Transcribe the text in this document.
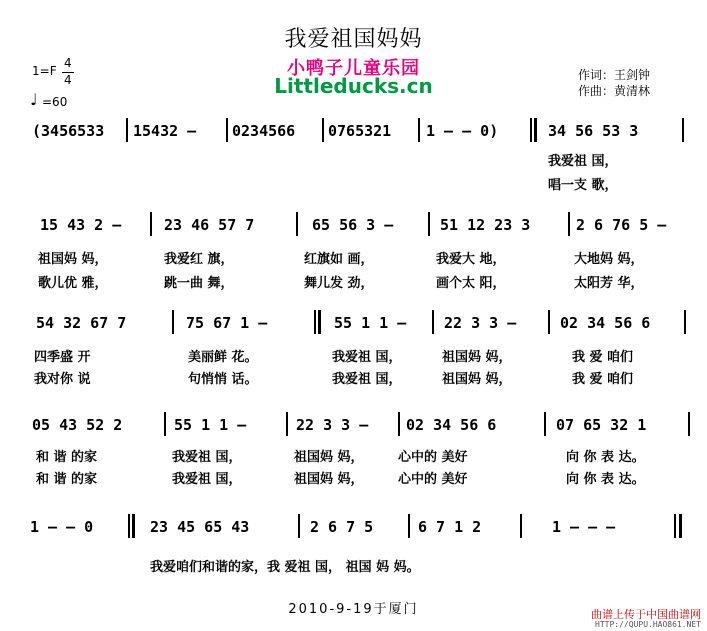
我爱祖国妈妈
小鸭子儿童乐园
Littleducks.cn
1=F
4
4
♩ =60
作词：王剑钟
作曲：黄清林
(3456533 15432 – 0234566 0765321 1 – – 0)	34 56 53 3
我爱祖 国，
唱一支 歌，
15 43 2 –	23 46 57 7	65 56 3 –	51 12 23 3	2 6 76 5 –
祖国妈 妈，	我爱红 旗，	红旗如 画，	我爱大 地，	大地妈 妈，
歌儿优 雅，	跳一曲 舞，	舞儿发 劲，	画个太 阳，	太阳芳 华，
54 32 67 7	75 67 1 –	55 1 1 –	22 3 3 –	02 34 56 6
四季盛 开	美丽鲜 花。	我爱祖 国，	祖国妈 妈，	我 爱 咱们
我对你 说	句悄悄 话。	我爱祖 国，	祖国妈 妈，	我 爱 咱们
05 43 52 2	55 1 1 –	22 3 3 –	02 34 56 6	07 65 32 1
和 谐 的家	我爱祖 国，	祖国妈 妈，	心中的 美好	向 你 表 达。
和 谐 的家	我爱祖 国，	祖国妈 妈，	心中的 美好	向 你 表 达。
1 – – 0	23 45 65 43	2 6 7 5	6 7 1 2	1 – – –
我爱咱们和谐的家，我 爱祖 国， 祖国 妈 妈。
2010-9-19于厦门	曲谱上传于中国曲谱网
HTTP://QUPU.HAO861.NET
